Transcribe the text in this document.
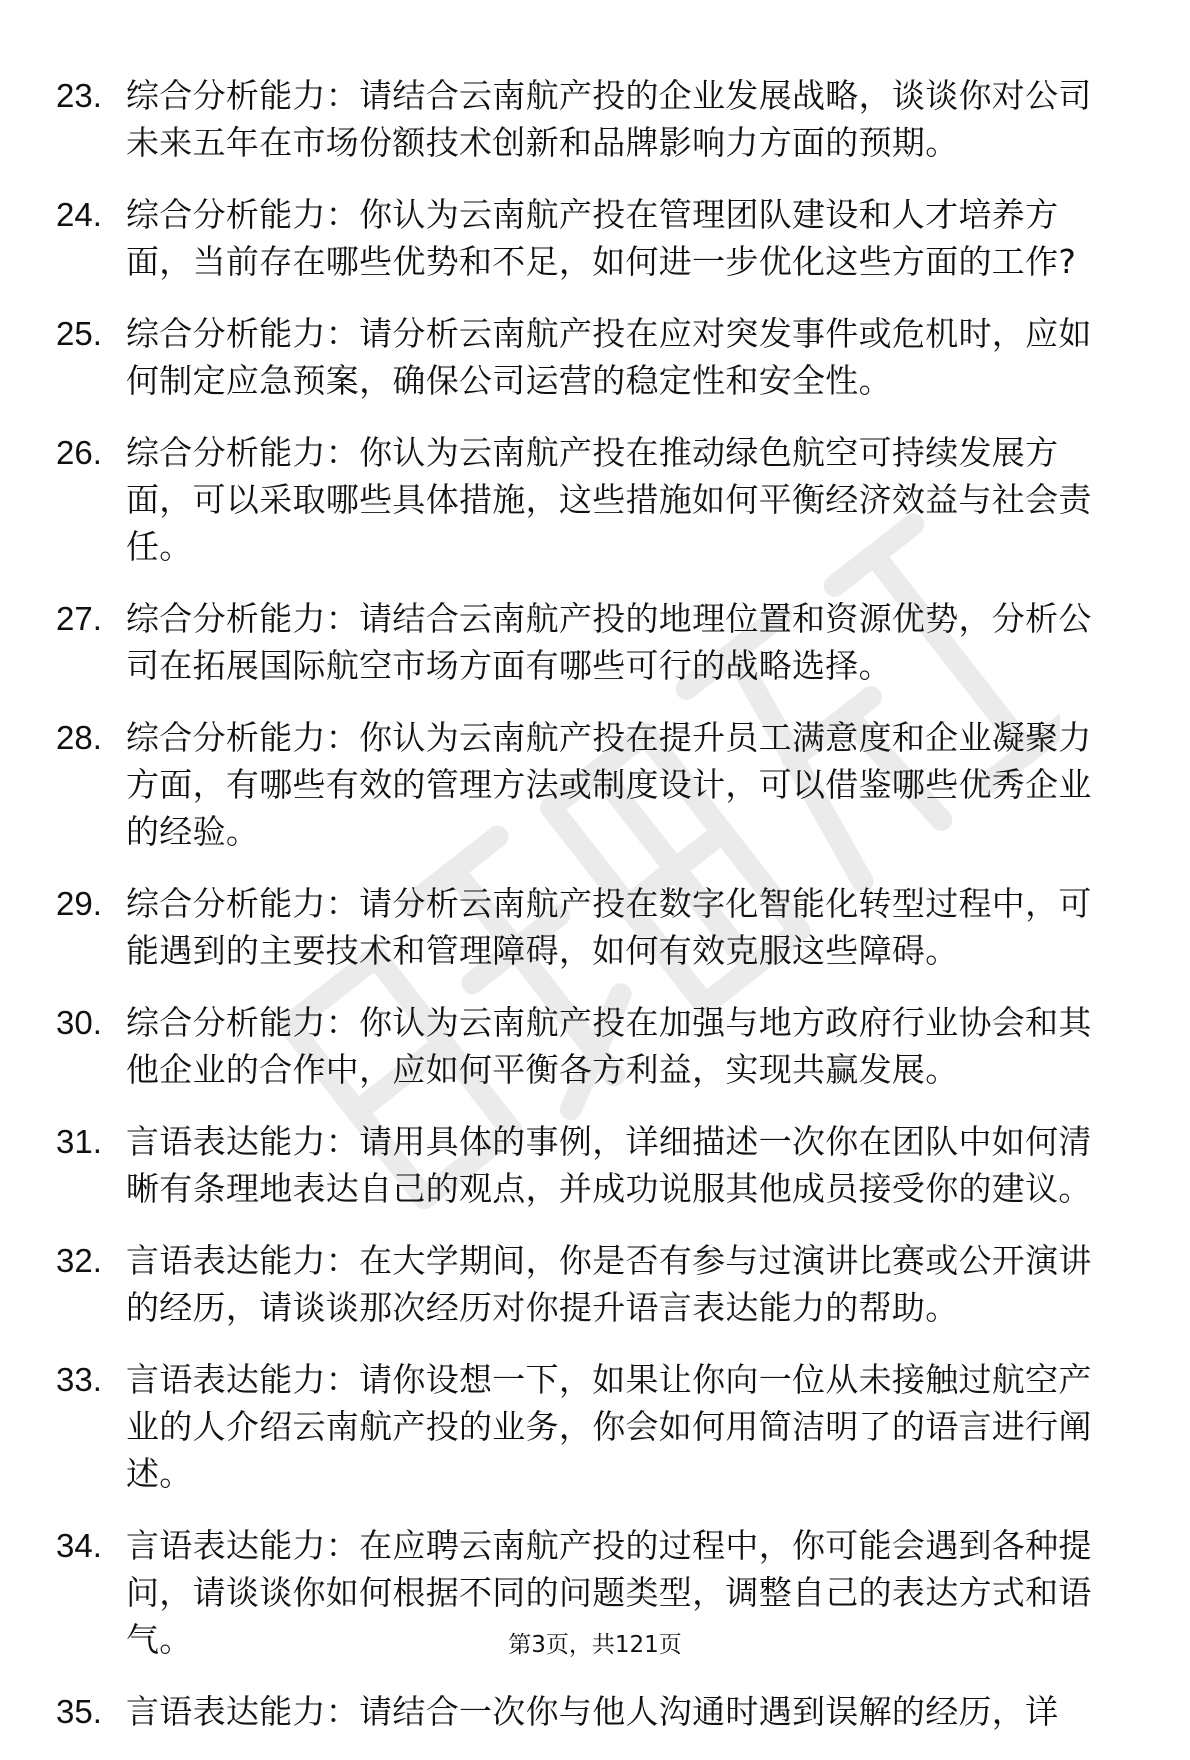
23. 综合分析能力：请结合云南航产投的企业发展战略，谈谈你对公司未来五年在市场份额技术创新和品牌影响力方面的预期。
24. 综合分析能力：你认为云南航产投在管理团队建设和人才培养方面，当前存在哪些优势和不足，如何进一步优化这些方面的工作?
25. 综合分析能力：请分析云南航产投在应对突发事件或危机时，应如何制定应急预案，确保公司运营的稳定性和安全性。
26. 综合分析能力：你认为云南航产投在推动绿色航空可持续发展方面，可以采取哪些具体措施，这些措施如何平衡经济效益与社会责任。
27. 综合分析能力：请结合云南航产投的地理位置和资源优势，分析公司在拓展国际航空市场方面有哪些可行的战略选择。
28. 综合分析能力：你认为云南航产投在提升员工满意度和企业凝聚力方面，有哪些有效的管理方法或制度设计，可以借鉴哪些优秀企业的经验。
29. 综合分析能力：请分析云南航产投在数字化智能化转型过程中，可能遇到的主要技术和管理障碍，如何有效克服这些障碍。
30. 综合分析能力：你认为云南航产投在加强与地方政府行业协会和其他企业的合作中，应如何平衡各方利益，实现共赢发展。
31. 言语表达能力：请用具体的事例，详细描述一次你在团队中如何清晰有条理地表达自己的观点，并成功说服其他成员接受你的建议。
32. 言语表达能力：在大学期间，你是否有参与过演讲比赛或公开演讲的经历，请谈谈那次经历对你提升语言表达能力的帮助。
33. 言语表达能力：请你设想一下，如果让你向一位从未接触过航空产业的人介绍云南航产投的业务，你会如何用简洁明了的语言进行阐述。
34. 言语表达能力：在应聘云南航产投的过程中，你可能会遇到各种提问，请谈谈你如何根据不同的问题类型，调整自己的表达方式和语气。
35. 言语表达能力：请结合一次你与他人沟通时遇到误解的经历，详
第3页，共121页
